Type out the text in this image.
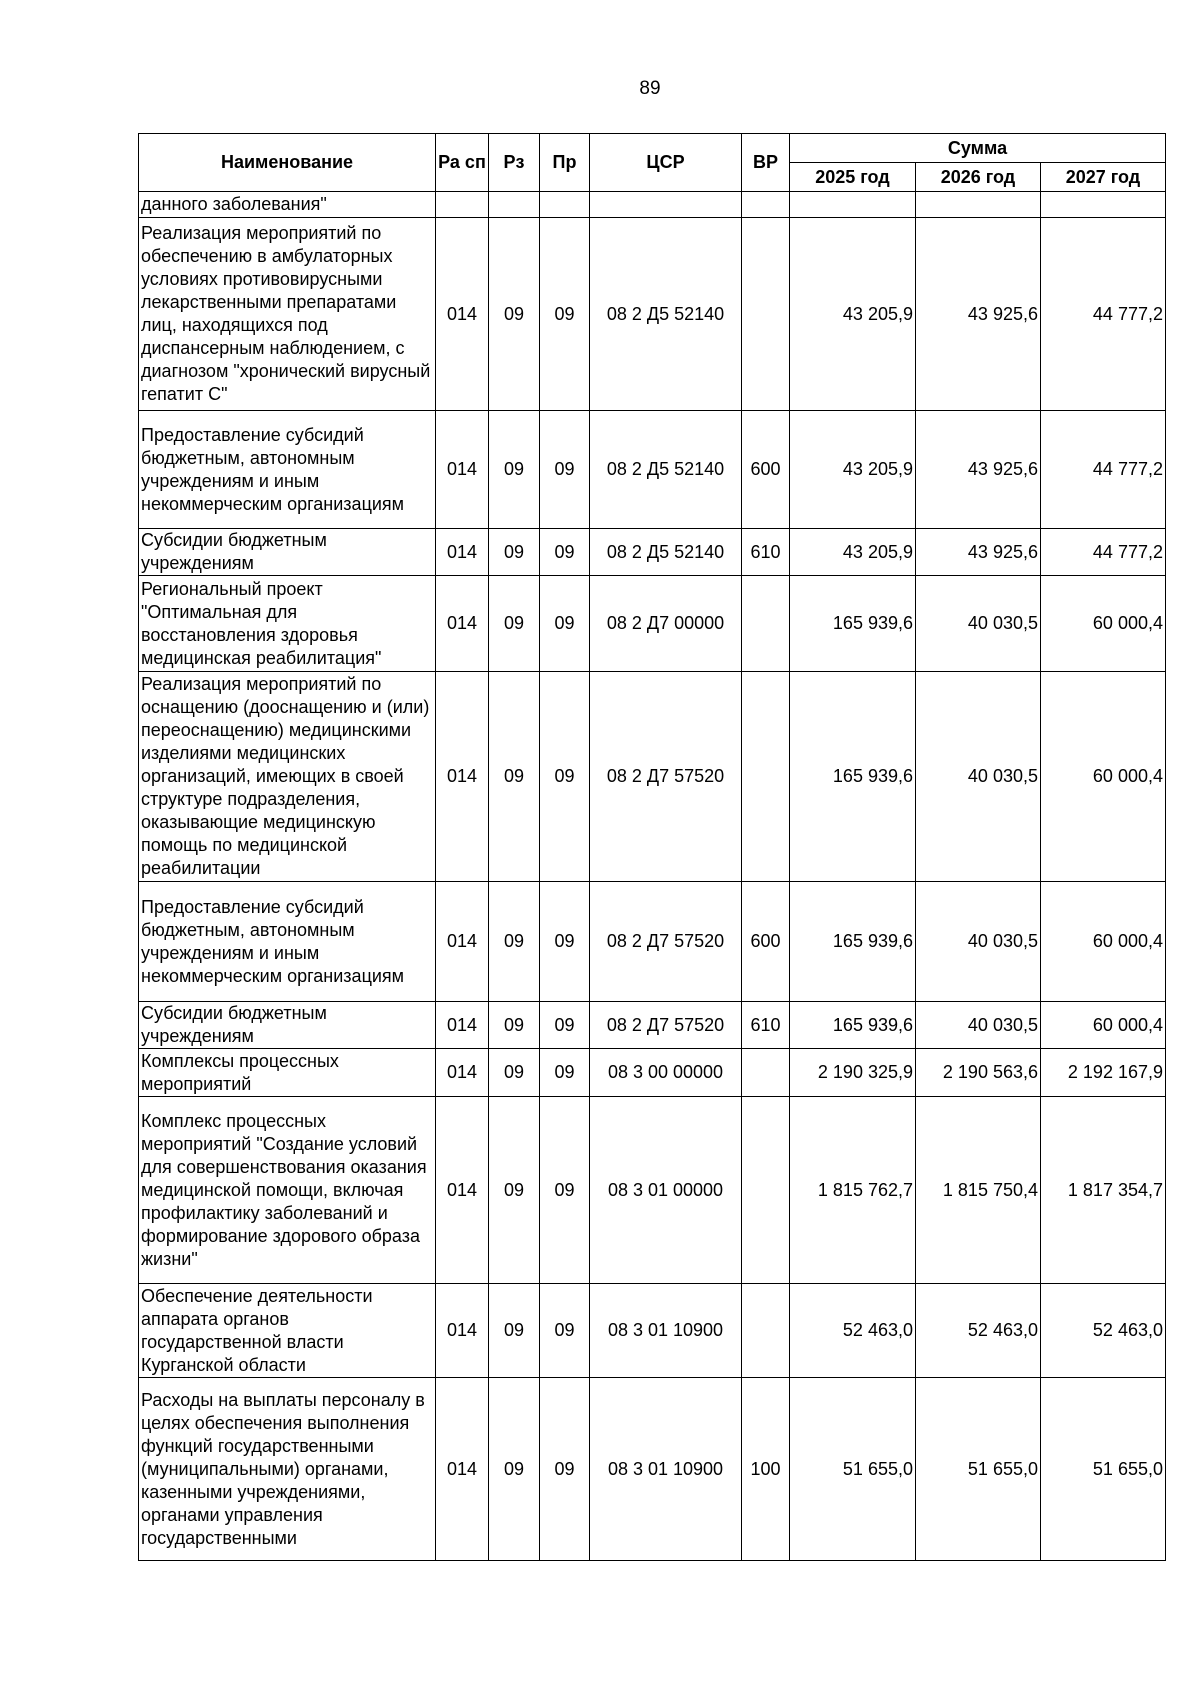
89
Наименование	Ра сп	Рз	Пр	ЦСР	ВР	Сумма		
						2025 год	2026 год	2027 год
данного заболевания"								
Реализация мероприятий по обеспечению в амбулаторных условиях противовирусными лекарственными препаратами лиц, находящихся под диспансерным наблюдением, с диагнозом "хронический вирусный гепатит С"	014	09	09	08 2 Д5 52140		43 205,9	43 925,6	44 777,2
Предоставление субсидий бюджетным, автономным учреждениям и иным некоммерческим организациям	014	09	09	08 2 Д5 52140	600	43 205,9	43 925,6	44 777,2
Субсидии бюджетным учреждениям	014	09	09	08 2 Д5 52140	610	43 205,9	43 925,6	44 777,2
Региональный проект "Оптимальная для восстановления здоровья медицинская реабилитация"	014	09	09	08 2 Д7 00000		165 939,6	40 030,5	60 000,4
Реализация мероприятий по оснащению (дооснащению и (или) переоснащению) медицинскими изделиями медицинских организаций, имеющих в своей структуре подразделения, оказывающие медицинскую помощь по медицинской реабилитации	014	09	09	08 2 Д7 57520		165 939,6	40 030,5	60 000,4
Предоставление субсидий бюджетным, автономным учреждениям и иным некоммерческим организациям	014	09	09	08 2 Д7 57520	600	165 939,6	40 030,5	60 000,4
Субсидии бюджетным учреждениям	014	09	09	08 2 Д7 57520	610	165 939,6	40 030,5	60 000,4
Комплексы процессных мероприятий	014	09	09	08 3 00 00000		2 190 325,9	2 190 563,6	2 192 167,9
Комплекс процессных мероприятий "Создание условий для совершенствования оказания медицинской помощи, включая профилактику заболеваний и формирование здорового образа жизни"	014	09	09	08 3 01 00000		1 815 762,7	1 815 750,4	1 817 354,7
Обеспечение деятельности аппарата органов государственной власти Курганской области	014	09	09	08 3 01 10900		52 463,0	52 463,0	52 463,0
Расходы на выплаты персоналу в целях обеспечения выполнения функций государственными (муниципальными) органами, казенными учреждениями, органами управления государственными	014	09	09	08 3 01 10900	100	51 655,0	51 655,0	51 655,0
